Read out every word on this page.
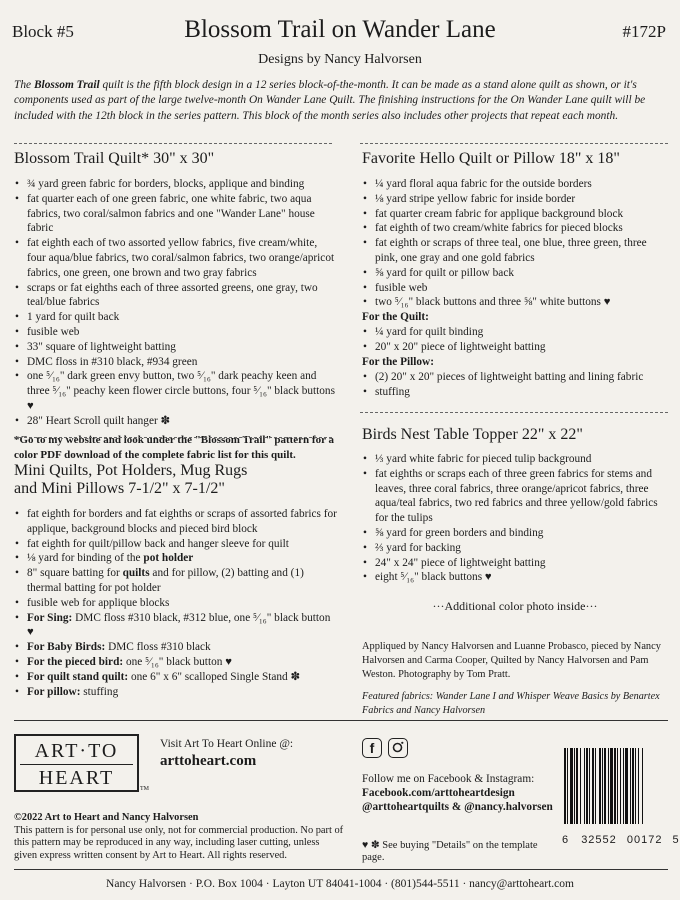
Block #5	Blossom Trail on Wander Lane	#172P
Designs by Nancy Halvorsen
The Blossom Trail quilt is the fifth block design in a 12 series block-of-the-month. It can be made as a stand alone quilt as shown, or it's components used as part of the large twelve-month On Wander Lane Quilt. The finishing instructions for the On Wander Lane quilt will be included with the 12th block in the series pattern. This block of the month series also includes other projects that repeat each month.
Blossom Trail Quilt* 30" x 30"
• ¾ yard green fabric for borders, blocks, applique and binding
• fat quarter each of one green fabric, one white fabric, two aqua fabrics, two coral/salmon fabrics and one "Wander Lane" house fabric
• fat eighth each of two assorted yellow fabrics, five cream/white, four aqua/blue fabrics, two coral/salmon fabrics, two orange/apricot fabrics, one green, one brown and two gray fabrics
• scraps or fat eighths each of three assorted greens, one gray, two teal/blue fabrics
• 1 yard for quilt back
• fusible web
• 33" square of lightweight batting
• DMC floss in #310 black, #934 green
• one ⁵⁄₁₆" dark green envy button, two ⁵⁄₁₆" dark peachy keen and three ⁵⁄₁₆" peachy keen flower circle buttons, four ⁵⁄₁₆" black buttons ♥
• 28" Heart Scroll quilt hanger ✽
*Go to my website and look under the "Blossom Trail" pattern for a color PDF download of the complete fabric list for this quilt.
Mini Quilts, Pot Holders, Mug Rugs
and Mini Pillows 7-1/2" x 7-1/2"
• fat eighth for borders and fat eighths or scraps of assorted fabrics for applique, background blocks and pieced bird block
• fat eighth for quilt/pillow back and hanger sleeve for quilt
• ⅛ yard for binding of the pot holder
• 8" square batting for quilts and for pillow, (2) batting and (1) thermal batting for pot holder
• fusible web for applique blocks
• For Sing: DMC floss #310 black, #312 blue, one ⁵⁄₁₆" black button ♥
• For Baby Birds: DMC floss #310 black
• For the pieced bird: one ⁵⁄₁₆" black button ♥
• For quilt stand quilt: one 6" x 6" scalloped Single Stand ✽
• For pillow: stuffing
Favorite Hello Quilt or Pillow 18" x 18"
• ¼ yard floral aqua fabric for the outside borders
• ⅛ yard stripe yellow fabric for inside border
• fat quarter cream fabric for applique background block
• fat eighth of two cream/white fabrics for pieced blocks
• fat eighth or scraps of three teal, one blue, three green, three pink, one gray and one gold fabrics
• ⅝ yard for quilt or pillow back
• fusible web
• two ⁵⁄₁₆" black buttons and three ⅝" white buttons ♥
For the Quilt:
• ¼ yard for quilt binding
• 20" x 20" piece of lightweight batting
For the Pillow:
• (2) 20" x 20" pieces of lightweight batting and lining fabric
• stuffing
Birds Nest Table Topper 22" x 22"
• ⅓ yard white fabric for pieced tulip background
• fat eighths or scraps each of three green fabrics for stems and leaves, three coral fabrics, three orange/apricot fabrics, three aqua/teal fabrics, two red fabrics and three yellow/gold fabrics for the tulips
• ⅝ yard for green borders and binding
• ⅔ yard for backing
• 24" x 24" piece of lightweight batting
• eight ⁵⁄₁₆" black buttons ♥
···Additional color photo inside···
Appliqued by Nancy Halvorsen and Luanne Probasco, pieced by Nancy Halvorsen and Carma Cooper, Quilted by Nancy Halvorsen and Pam Weston. Photography by Tom Pratt.
Featured fabrics: Wander Lane I and Whisper Weave Basics by Benartex Fabrics and Nancy Halvorsen
ART·TO
HEART	TM
Visit Art To Heart Online @:
arttoheart.com
f
Follow me on Facebook & Instagram:
Facebook.com/arttoheartdesign
@arttoheartquilts & @nancy.halvorsen
©2022 Art to Heart and Nancy Halvorsen
This pattern is for personal use only, not for commercial production. No part of this pattern may be reproduced in any way, including laser cutting, unless given express written consent by Art to Heart. All rights reserved.
♥ ✽ See buying "Details" on the template page.
6 32552 00172 5
Nancy Halvorsen · P.O. Box 1004 · Layton UT 84041-1004 · (801)544-5511 · nancy@arttoheart.com
